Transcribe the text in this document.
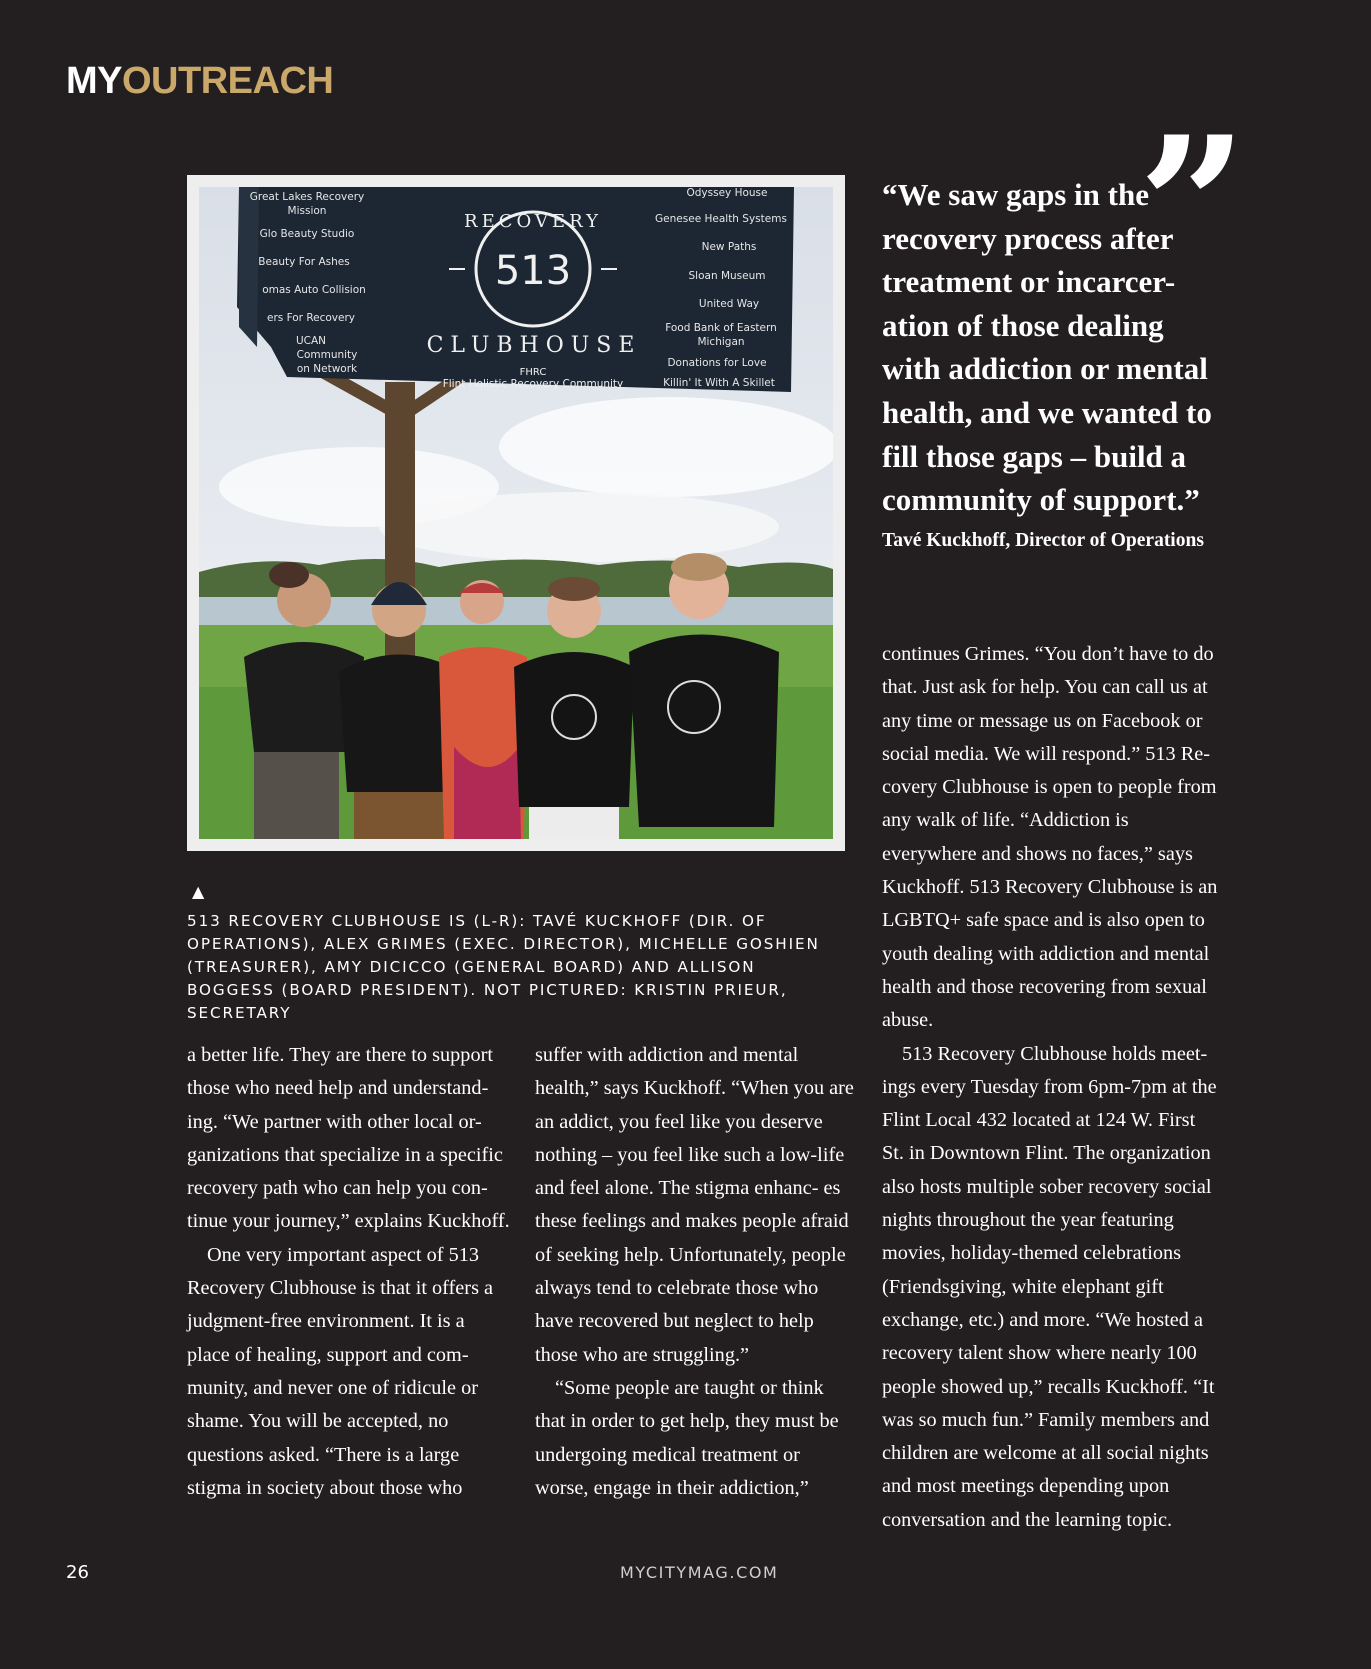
MYOUTREACH
Great Lakes Recovery
Mission
Glo Beauty Studio
Beauty For Ashes
omas Auto Collision
ers For Recovery
UCAN
Community
on Network
Odyssey House
Genesee Health Systems
New Paths
Sloan Museum
United Way
Food Bank of Eastern
Michigan
Donations for Love
Killin' It With A Skillet
RECOVERY
513
CLUBHOUSE
FHRC
Flint Holistic Recovery Community
▲

513 RECOVERY CLUBHOUSE IS (L-R): TAVÉ KUCKHOFF (DIR. OF OPERATIONS), ALEX GRIMES (EXEC. DIRECTOR), MICHELLE GOSHIEN (TREASURER), AMY DICICCO (GENERAL BOARD) AND ALLISON BOGGESS (BOARD PRESIDENT). NOT PICTURED: KRISTIN PRIEUR, SECRETARY

”

“We saw gaps in the recovery process after treatment or incarcer- ation of those dealing with addiction or mental health, and we wanted to fill those gaps – build a community of support.”

Tavé Kuckhoff, Director of Operations

a better life. They are there to support those who need help and understand- ing. “We partner with other local or- ganizations that specialize in a specific recovery path who can help you con- tinue your journey,” explains Kuckhoff.

One very important aspect of 513 Recovery Clubhouse is that it offers a judgment-free environment. It is a place of healing, support and com- munity, and never one of ridicule or shame. You will be accepted, no questions asked. “There is a large stigma in society about those who

suffer with addiction and mental health,” says Kuckhoff. “When you are an addict, you feel like you deserve nothing – you feel like such a low-life and feel alone. The stigma enhanc- es these feelings and makes people afraid of seeking help. Unfortunately, people always tend to celebrate those who have recovered but neglect to help those who are struggling.”

“Some people are taught or think that in order to get help, they must be undergoing medical treatment or worse, engage in their addiction,”

continues Grimes. “You don’t have to do that. Just ask for help. You can call us at any time or message us on Facebook or social media. We will respond.” 513 Re- covery Clubhouse is open to people from any walk of life. “Addiction is everywhere and shows no faces,” says Kuckhoff. 513 Recovery Clubhouse is an LGBTQ+ safe space and is also open to youth dealing with addiction and mental health and those recovering from sexual abuse.

513 Recovery Clubhouse holds meet- ings every Tuesday from 6pm-7pm at the Flint Local 432 located at 124 W. First St. in Downtown Flint. The organization also hosts multiple sober recovery social nights throughout the year featuring movies, holiday-themed celebrations (Friendsgiving, white elephant gift exchange, etc.) and more. “We hosted a recovery talent show where nearly 100 people showed up,” recalls Kuckhoff. “It was so much fun.” Family members and children are welcome at all social nights and most meetings depending upon conversation and the learning topic.

26	MYCITYMAG.COM
